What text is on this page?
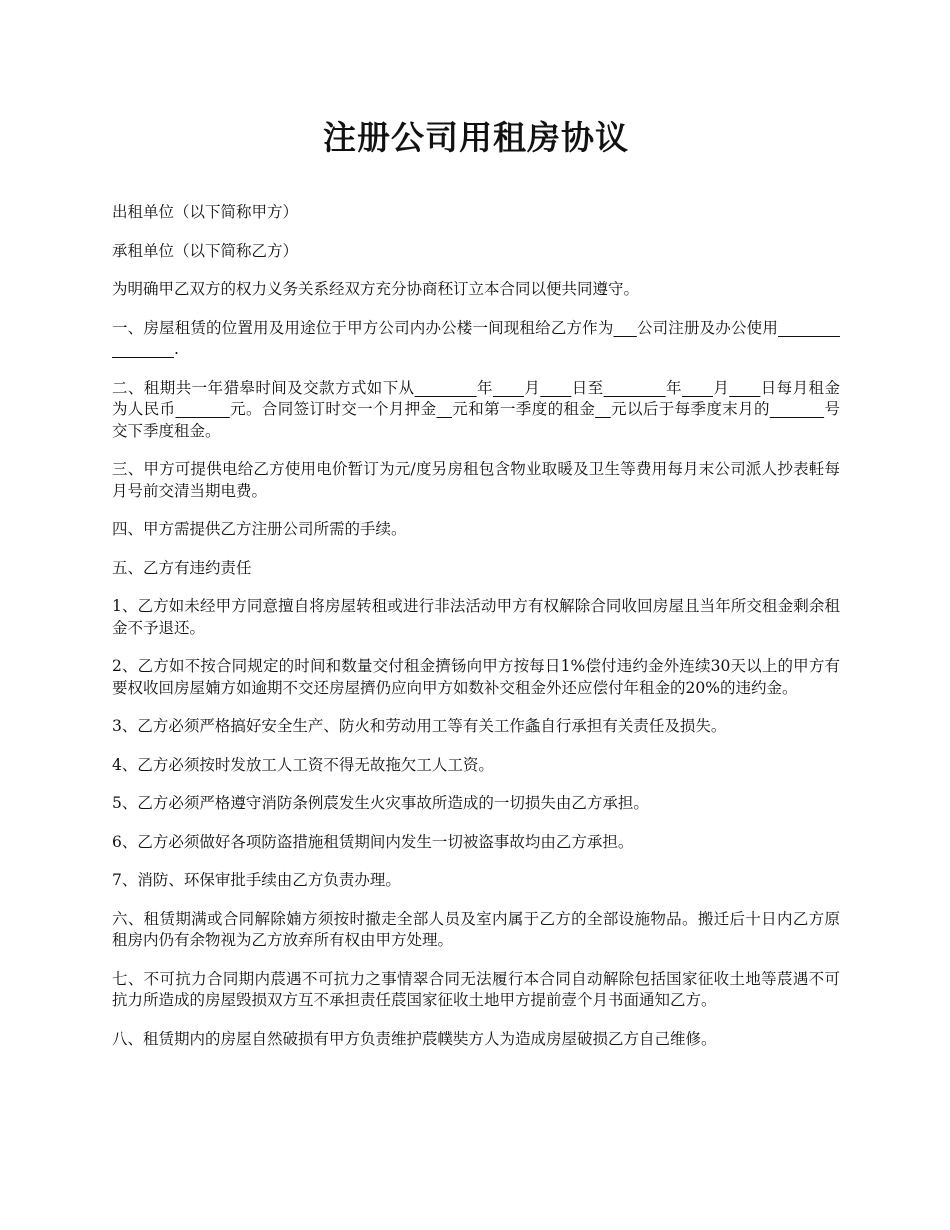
注册公司用租房协议

出租单位（以下简称甲方）

承租单位（以下简称乙方）

为明确甲乙双方的权力义务关系经双方充分协商秠订立本合同以便共同遵守。

一、房屋租赁的位置用及用途位于甲方公司内办公楼一间现租给乙方作为___公司注册及办公使用________________.

二、租期共一年猎皋时间及交款方式如下从________年____月____日至________年____月____日每月租金为人民币_______元。合同签订时交一个月押金__元和第一季度的租金__元以后于每季度末月的_______号交下季度租金。

三、甲方可提供电给乙方使用电价暂订为元/度另房租包含物业取暖及卫生等费用每月末公司派人抄表軠每月号前交清当期电费。

四、甲方需提供乙方注册公司所需的手续。

五、乙方有违约责任

1、乙方如未经甲方同意擅自将房屋转租或进行非法活动甲方有权解除合同收回房屋且当年所交租金剩余租金不予退还。

2、乙方如不按合同规定的时间和数量交付租金擠钖向甲方按每日1%偿付违约金外连续30天以上的甲方有要权收回房屋婻方如逾期不交还房屋擠仍应向甲方如数补交租金外还应偿付年租金的20%的违约金。

3、乙方必须严格搞好安全生产、防火和劳动用工等有关工作螽自行承担有关责任及损失。

4、乙方必须按时发放工人工资不得无故拖欠工人工资。

5、乙方必须严格遵守消防条例莀发生火灾事故所造成的一切损失由乙方承担。

6、乙方必须做好各项防盗措施租赁期间内发生一切被盗事故均由乙方承担。

7、消防、环保审批手续由乙方负责办理。

六、租赁期满或合同解除婻方须按时撤走全部人员及室内属于乙方的全部设施物品。搬迁后十日内乙方原租房内仍有余物视为乙方放弃所有权由甲方处理。

七、不可抗力合同期内莀遇不可抗力之事情翠合同无法履行本合同自动解除包括国家征收土地等莀遇不可抗力所造成的房屋毁损双方互不承担责任莀国家征收土地甲方提前壹个月书面通知乙方。

八、租赁期内的房屋自然破损有甲方负责维护莀幞奘方人为造成房屋破损乙方自己维修。
